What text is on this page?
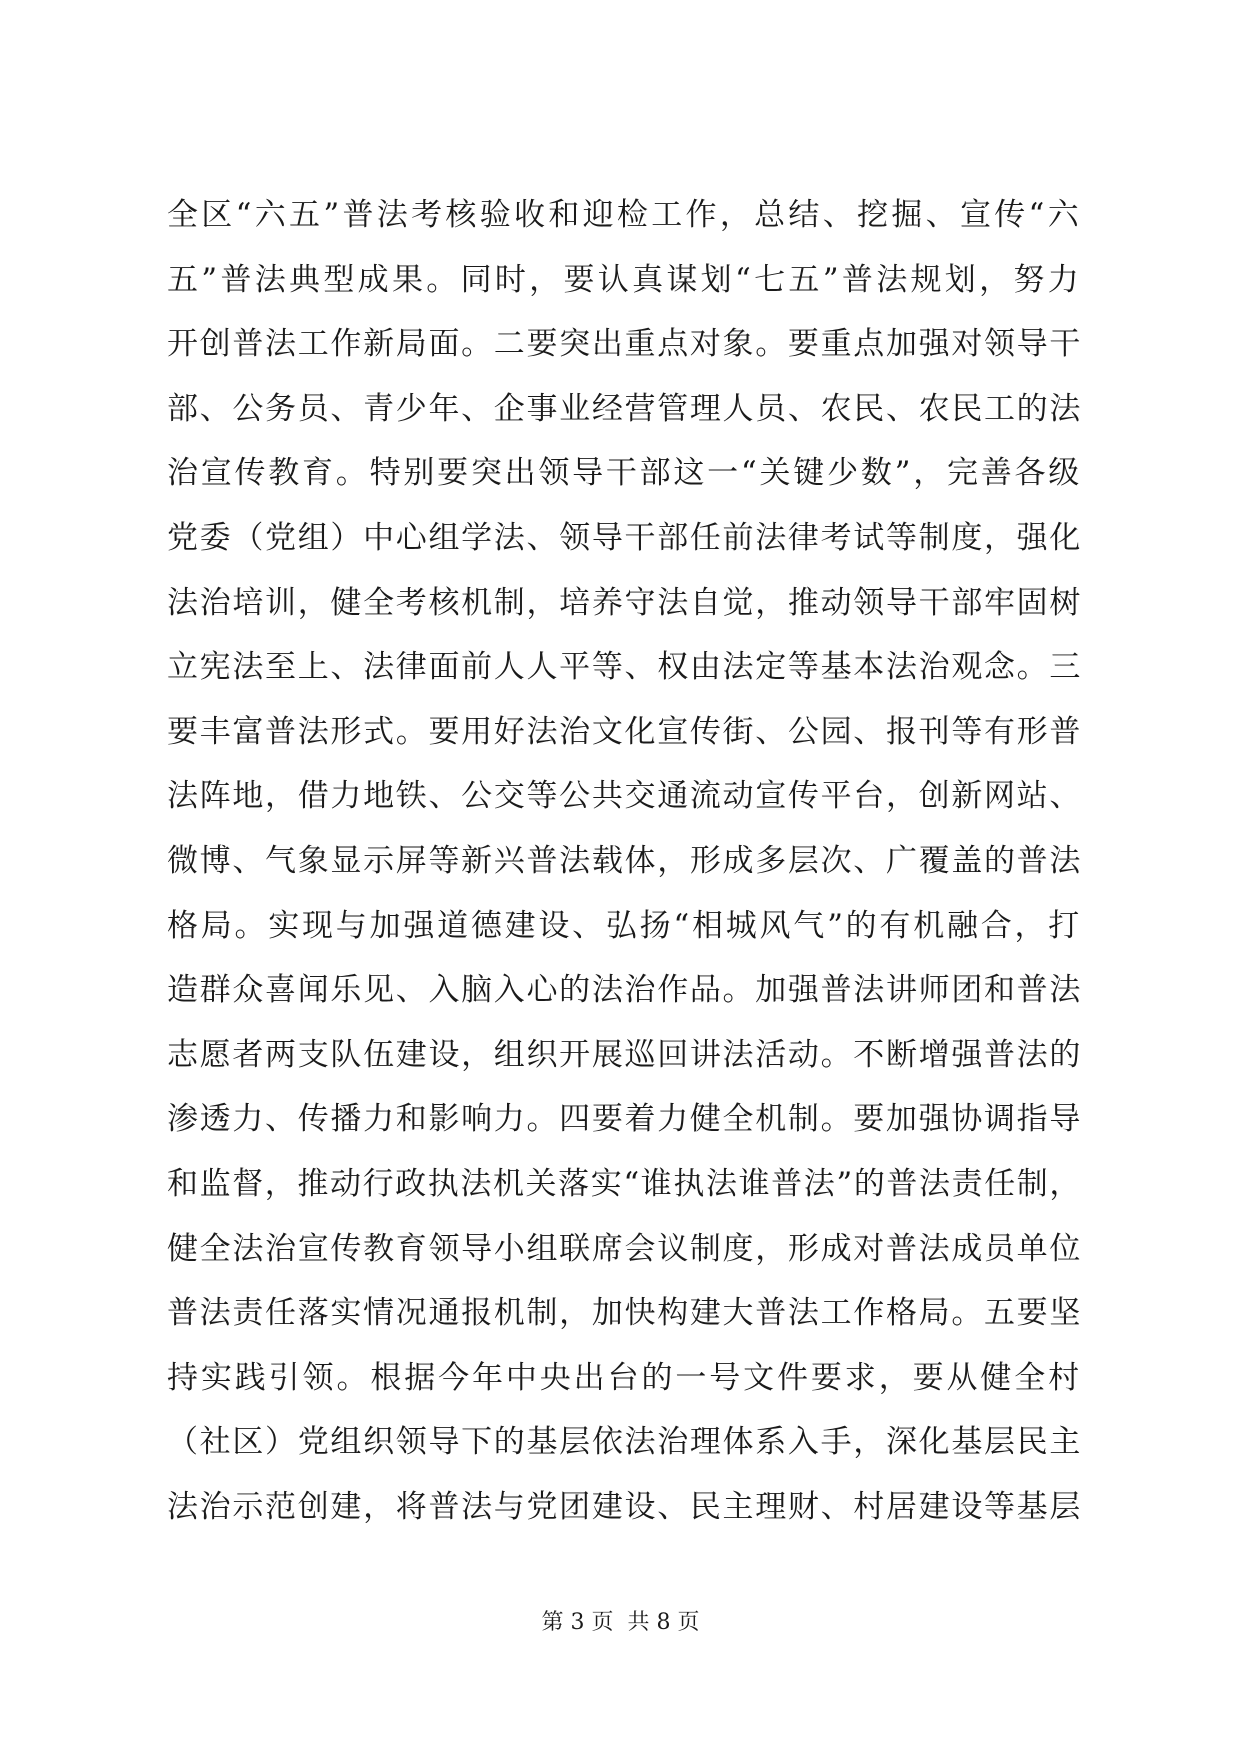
全区“六五”普法考核验收和迎检工作，总结、挖掘、宣传“六
五”普法典型成果。同时，要认真谋划“七五”普法规划，努力
开创普法工作新局面。二要突出重点对象。要重点加强对领导干
部、公务员、青少年、企事业经营管理人员、农民、农民工的法
治宣传教育。特别要突出领导干部这一“关键少数”，完善各级
党委（党组）中心组学法、领导干部任前法律考试等制度，强化
法治培训，健全考核机制，培养守法自觉，推动领导干部牢固树
立宪法至上、法律面前人人平等、权由法定等基本法治观念。三
要丰富普法形式。要用好法治文化宣传街、公园、报刊等有形普
法阵地，借力地铁、公交等公共交通流动宣传平台，创新网站、
微博、气象显示屏等新兴普法载体，形成多层次、广覆盖的普法
格局。实现与加强道德建设、弘扬“相城风气”的有机融合，打
造群众喜闻乐见、入脑入心的法治作品。加强普法讲师团和普法
志愿者两支队伍建设，组织开展巡回讲法活动。不断增强普法的
渗透力、传播力和影响力。四要着力健全机制。要加强协调指导
和监督，推动行政执法机关落实“谁执法谁普法”的普法责任制，
健全法治宣传教育领导小组联席会议制度，形成对普法成员单位
普法责任落实情况通报机制，加快构建大普法工作格局。五要坚
持实践引领。根据今年中央出台的一号文件要求，要从健全村
（社区）党组织领导下的基层依法治理体系入手，深化基层民主
法治示范创建，将普法与党团建设、民主理财、村居建设等基层
第 3 页  共 8 页
